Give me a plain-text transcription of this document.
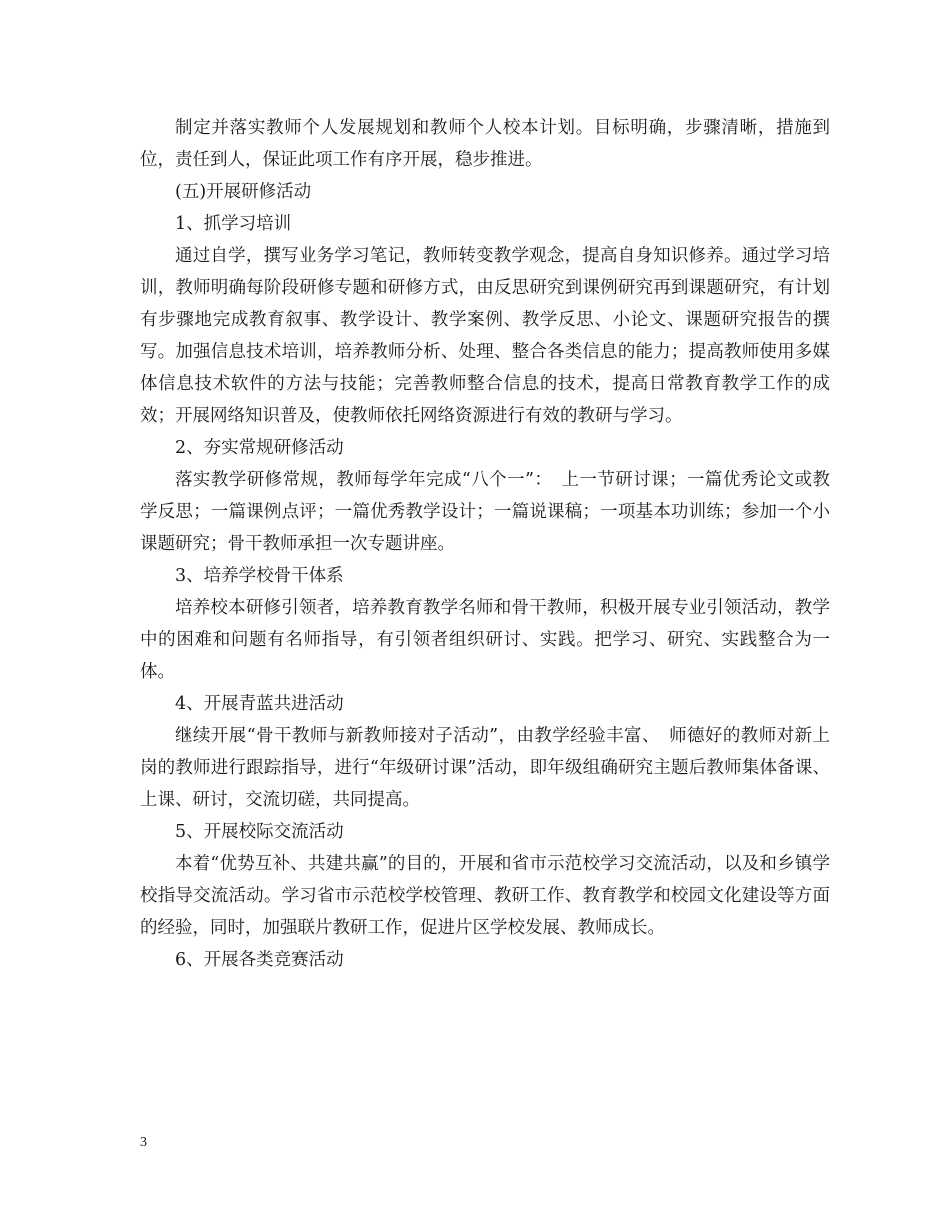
制定并落实教师个人发展规划和教师个人校本计划。目标明确，步骤清晰，措施到位，责任到人，保证此项工作有序开展，稳步推进。

(五)开展研修活动

1、抓学习培训

通过自学，撰写业务学习笔记，教师转变教学观念，提高自身知识修养。通过学习培训，教师明确每阶段研修专题和研修方式，由反思研究到课例研究再到课题研究，有计划有步骤地完成教育叙事、教学设计、教学案例、教学反思、小论文、课题研究报告的撰写。加强信息技术培训，培养教师分析、处理、整合各类信息的能力；提高教师使用多媒体信息技术软件的方法与技能；完善教师整合信息的技术，提高日常教育教学工作的成效；开展网络知识普及，使教师依托网络资源进行有效的教研与学习。

2、夯实常规研修活动

落实教学研修常规，教师每学年完成“八个一”：　上一节研讨课；一篇优秀论文或教学反思；一篇课例点评；一篇优秀教学设计；一篇说课稿；一项基本功训练；参加一个小课题研究；骨干教师承担一次专题讲座。

3、培养学校骨干体系

培养校本研修引领者，培养教育教学名师和骨干教师，积极开展专业引领活动，教学中的困难和问题有名师指导，有引领者组织研讨、实践。把学习、研究、实践整合为一体。

4、开展青蓝共进活动

继续开展“骨干教师与新教师接对子活动”，由教学经验丰富、　师德好的教师对新上岗的教师进行跟踪指导，进行“年级研讨课”活动，即年级组确研究主题后教师集体备课、上课、研讨，交流切磋，共同提高。

5、开展校际交流活动

本着“优势互补、共建共赢”的目的，开展和省市示范校学习交流活动，以及和乡镇学校指导交流活动。学习省市示范校学校管理、教研工作、教育教学和校园文化建设等方面的经验，同时，加强联片教研工作，促进片区学校发展、教师成长。

6、开展各类竞赛活动

3
